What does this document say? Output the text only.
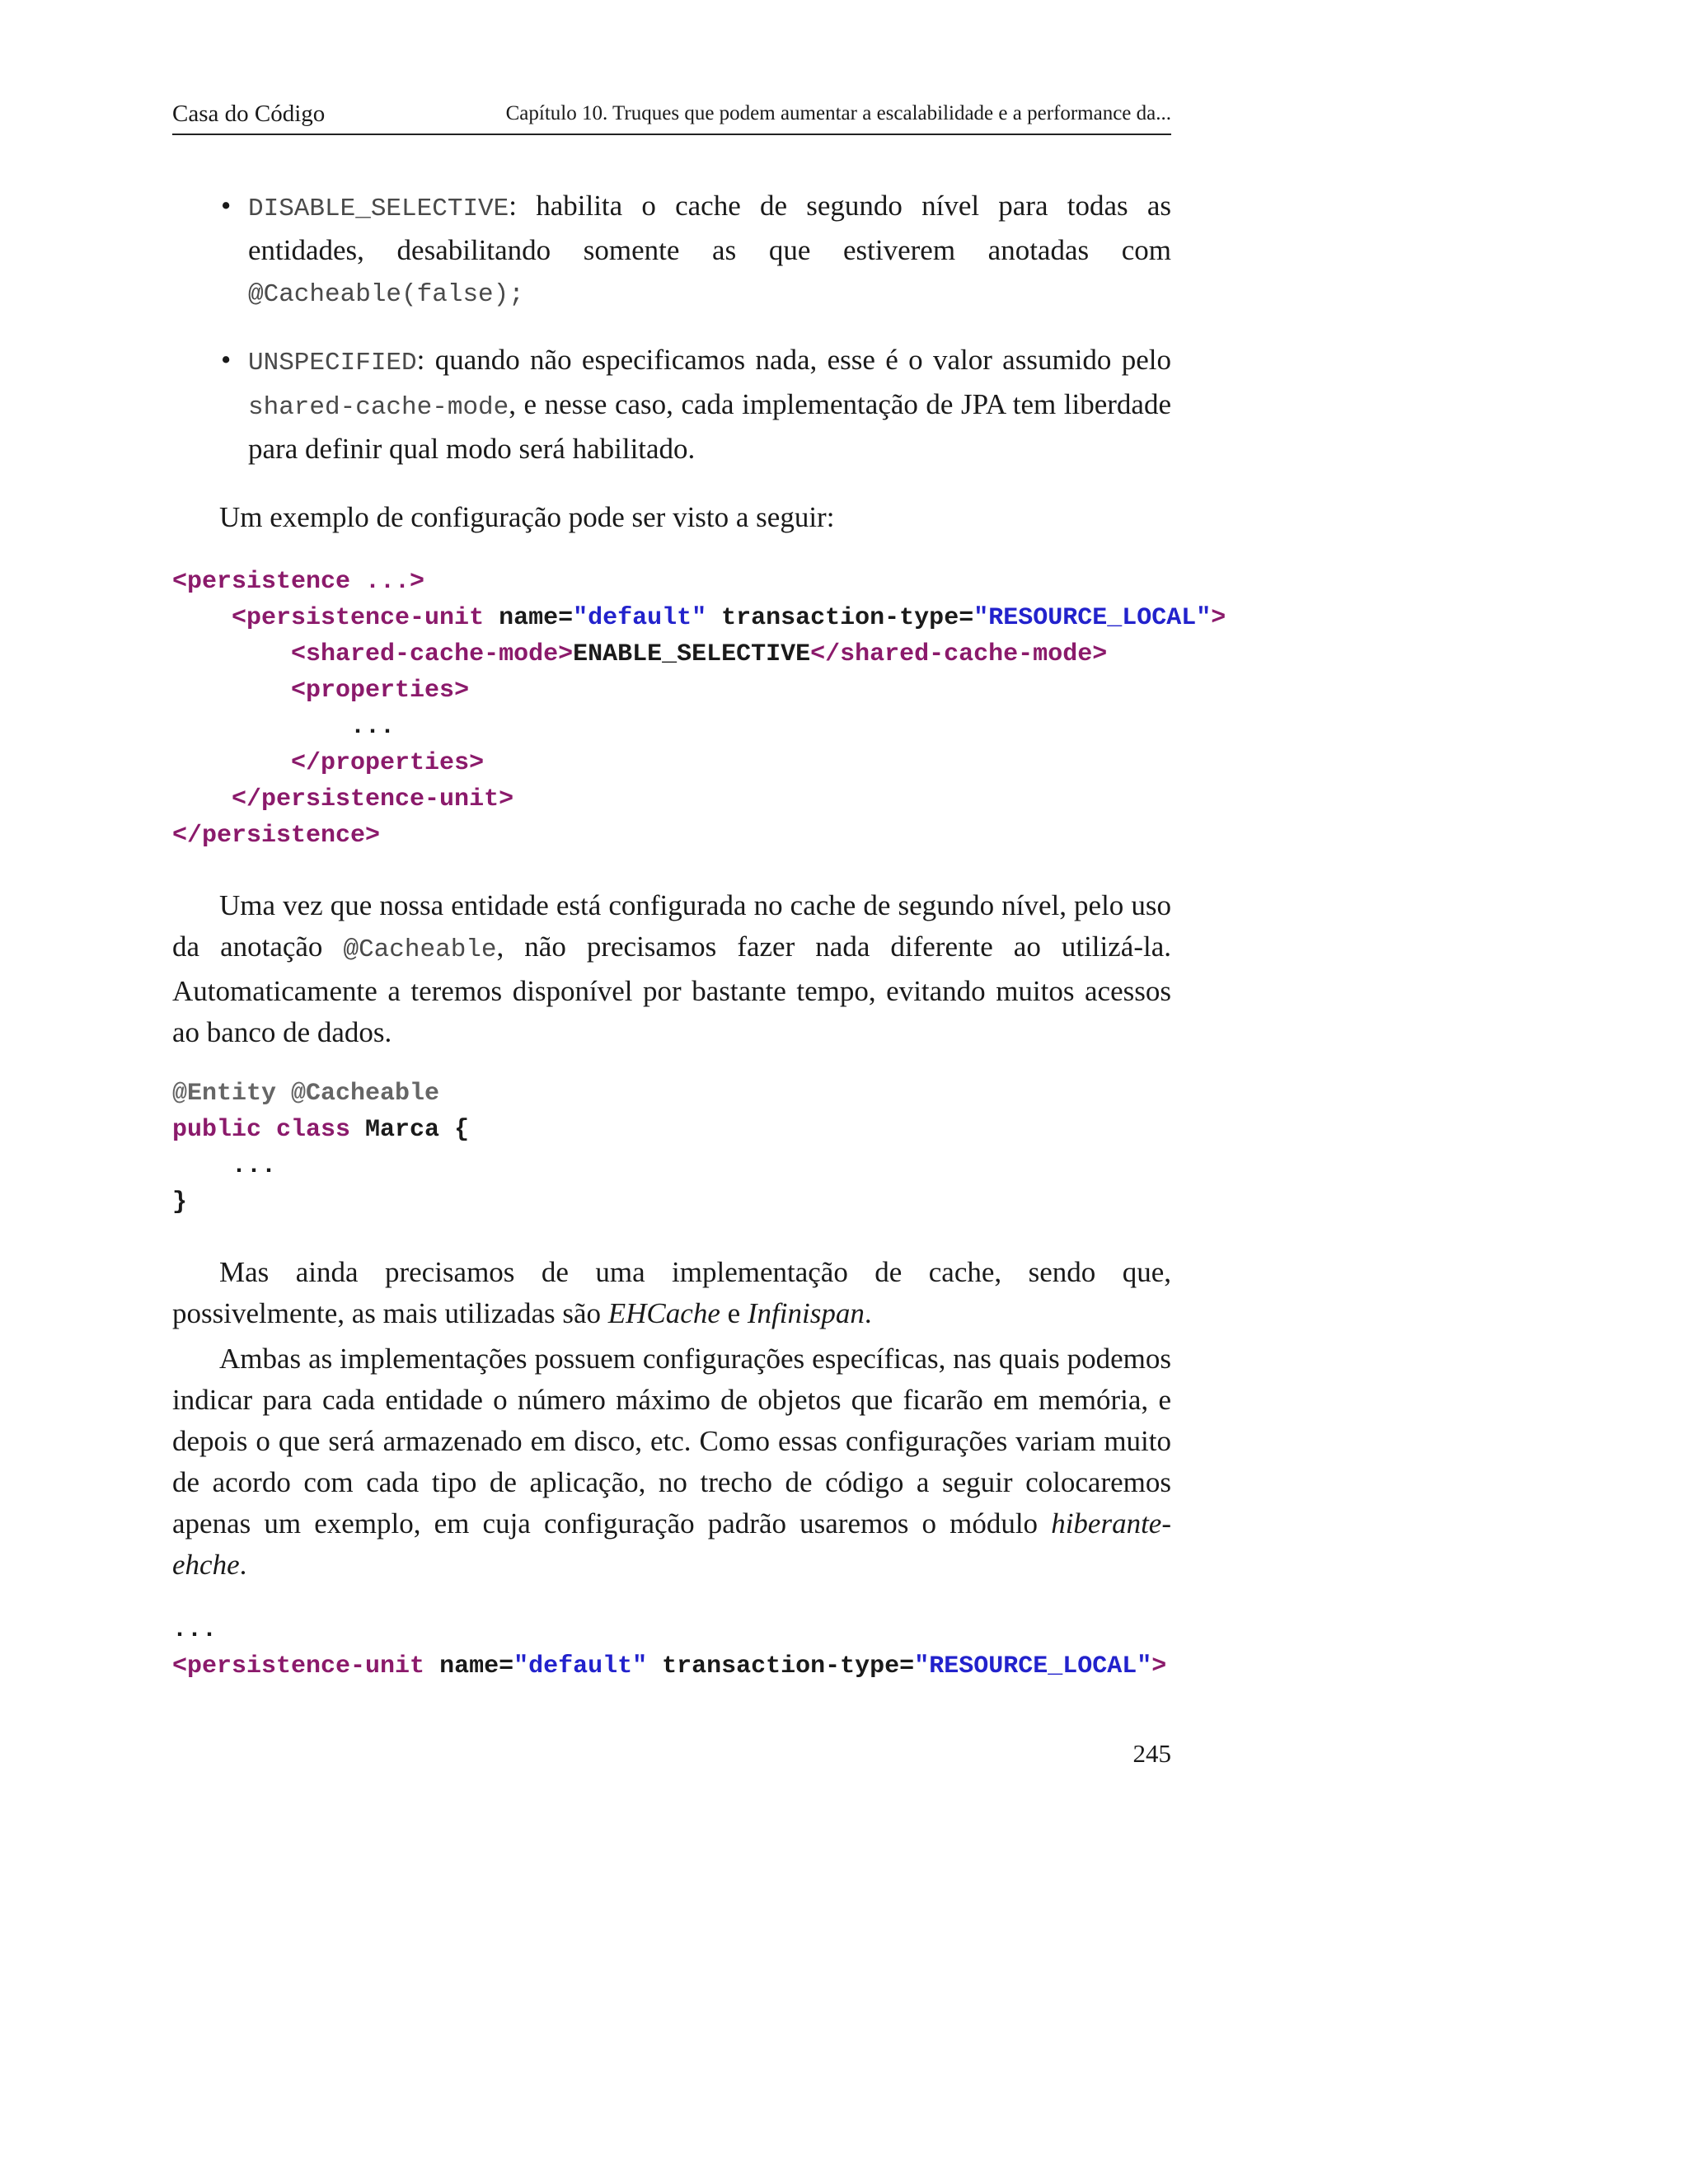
Casa do Código	Capítulo 10. Truques que podem aumentar a escalabilidade e a performance da...
• DISABLE_SELECTIVE: habilita o cache de segundo nível para todas as entidades, desabilitando somente as que estiverem anotadas com @Cacheable(false);
• UNSPECIFIED: quando não especificamos nada, esse é o valor assumido pelo shared-cache-mode, e nesse caso, cada implementação de JPA tem liberdade para definir qual modo será habilitado.

Um exemplo de configuração pode ser visto a seguir:

<persistence ...>
<persistence-unit name="default" transaction-type="RESOURCE_LOCAL">
<shared-cache-mode>ENABLE_SELECTIVE</shared-cache-mode>
<properties>
...
</properties>
</persistence-unit>
</persistence>

Uma vez que nossa entidade está configurada no cache de segundo nível, pelo uso da anotação @Cacheable, não precisamos fazer nada diferente ao utilizá-la. Automaticamente a teremos disponível por bastante tempo, evitando muitos acessos ao banco de dados.

@Entity @Cacheable
public class Marca {
...
}

Mas ainda precisamos de uma implementação de cache, sendo que, possivelmente, as mais utilizadas são EHCache e Infinispan.

Ambas as implementações possuem configurações específicas, nas quais podemos indicar para cada entidade o número máximo de objetos que ficarão em memória, e depois o que será armazenado em disco, etc. Como essas configurações variam muito de acordo com cada tipo de aplicação, no trecho de código a seguir colocaremos apenas um exemplo, em cuja configuração padrão usaremos o módulo hiberante-ehche.

...
<persistence-unit name="default" transaction-type="RESOURCE_LOCAL">
245
